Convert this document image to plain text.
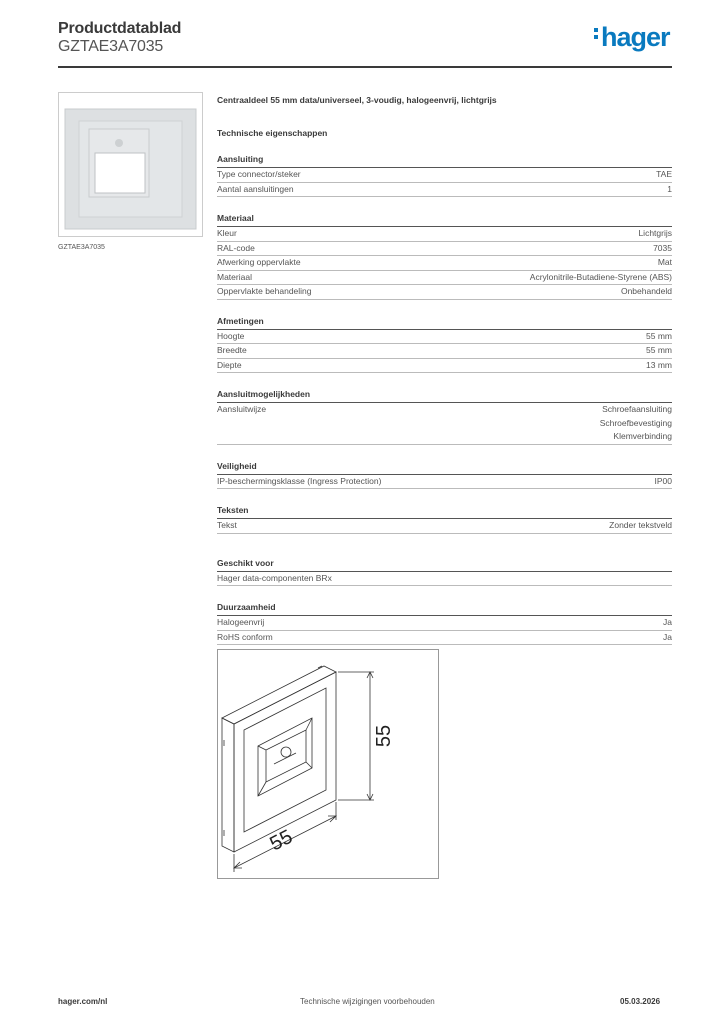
Productdatablad
GZTAE3A7035	hager
GZTAE3A7035
Centraaldeel 55 mm data/universeel, 3-voudig, halogeenvrij, lichtgrijs
Technische eigenschappen
Aansluiting
Type connector/steker	TAE
Aantal aansluitingen	1
Materiaal
Kleur	Lichtgrijs
RAL-code	7035
Afwerking oppervlakte	Mat
Materiaal	Acrylonitrile-Butadiene-Styrene (ABS)
Oppervlakte behandeling	Onbehandeld
Afmetingen
Hoogte	55 mm
Breedte	55 mm
Diepte	13 mm
Aansluitmogelijkheden
Aansluitwijze	Schroefaansluiting
Schroefbevestiging
Klemverbinding
Veiligheid
IP-beschermingsklasse (Ingress Protection)	IP00
Teksten
Tekst	Zonder tekstveld
Geschikt voor
Hager data-componenten BRx
Duurzaamheid
Halogeenvrij	Ja
RoHS conform	Ja
55
55
hager.com/nl	Technische wijzigingen voorbehouden	05.03.2026
